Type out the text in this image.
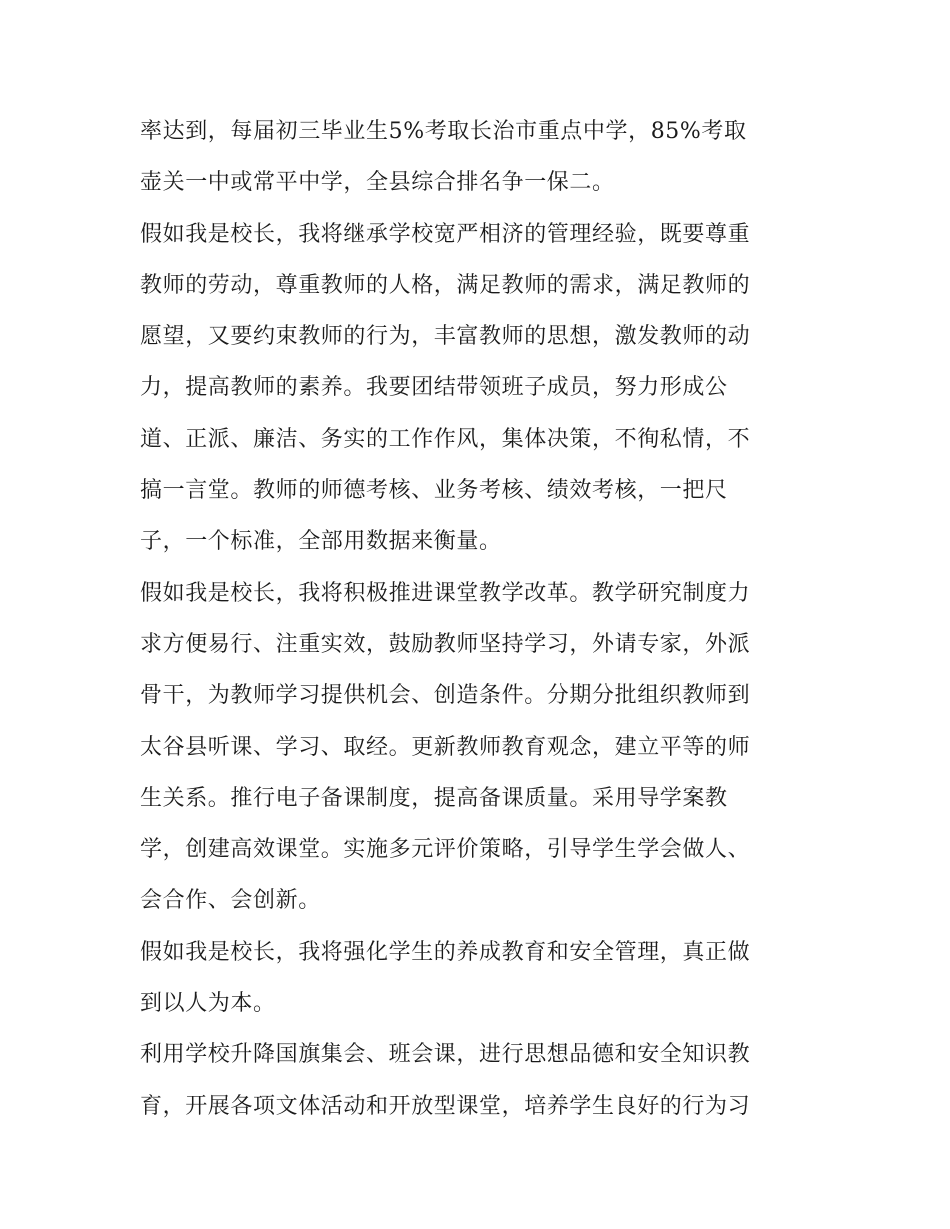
率达到，每届初三毕业生5%考取长治市重点中学，85%考取
壶关一中或常平中学，全县综合排名争一保二。
假如我是校长，我将继承学校宽严相济的管理经验，既要尊重
教师的劳动，尊重教师的人格，满足教师的需求，满足教师的
愿望，又要约束教师的行为，丰富教师的思想，激发教师的动
力，提高教师的素养。我要团结带领班子成员，努力形成公
道、正派、廉洁、务实的工作作风，集体决策，不徇私情，不
搞一言堂。教师的师德考核、业务考核、绩效考核，一把尺
子，一个标准，全部用数据来衡量。
假如我是校长，我将积极推进课堂教学改革。教学研究制度力
求方便易行、注重实效，鼓励教师坚持学习，外请专家，外派
骨干，为教师学习提供机会、创造条件。分期分批组织教师到
太谷县听课、学习、取经。更新教师教育观念，建立平等的师
生关系。推行电子备课制度，提高备课质量。采用导学案教
学，创建高效课堂。实施多元评价策略，引导学生学会做人、
会合作、会创新。
假如我是校长，我将强化学生的养成教育和安全管理，真正做
到以人为本。
利用学校升降国旗集会、班会课，进行思想品德和安全知识教
育，开展各项文体活动和开放型课堂，培养学生良好的行为习
